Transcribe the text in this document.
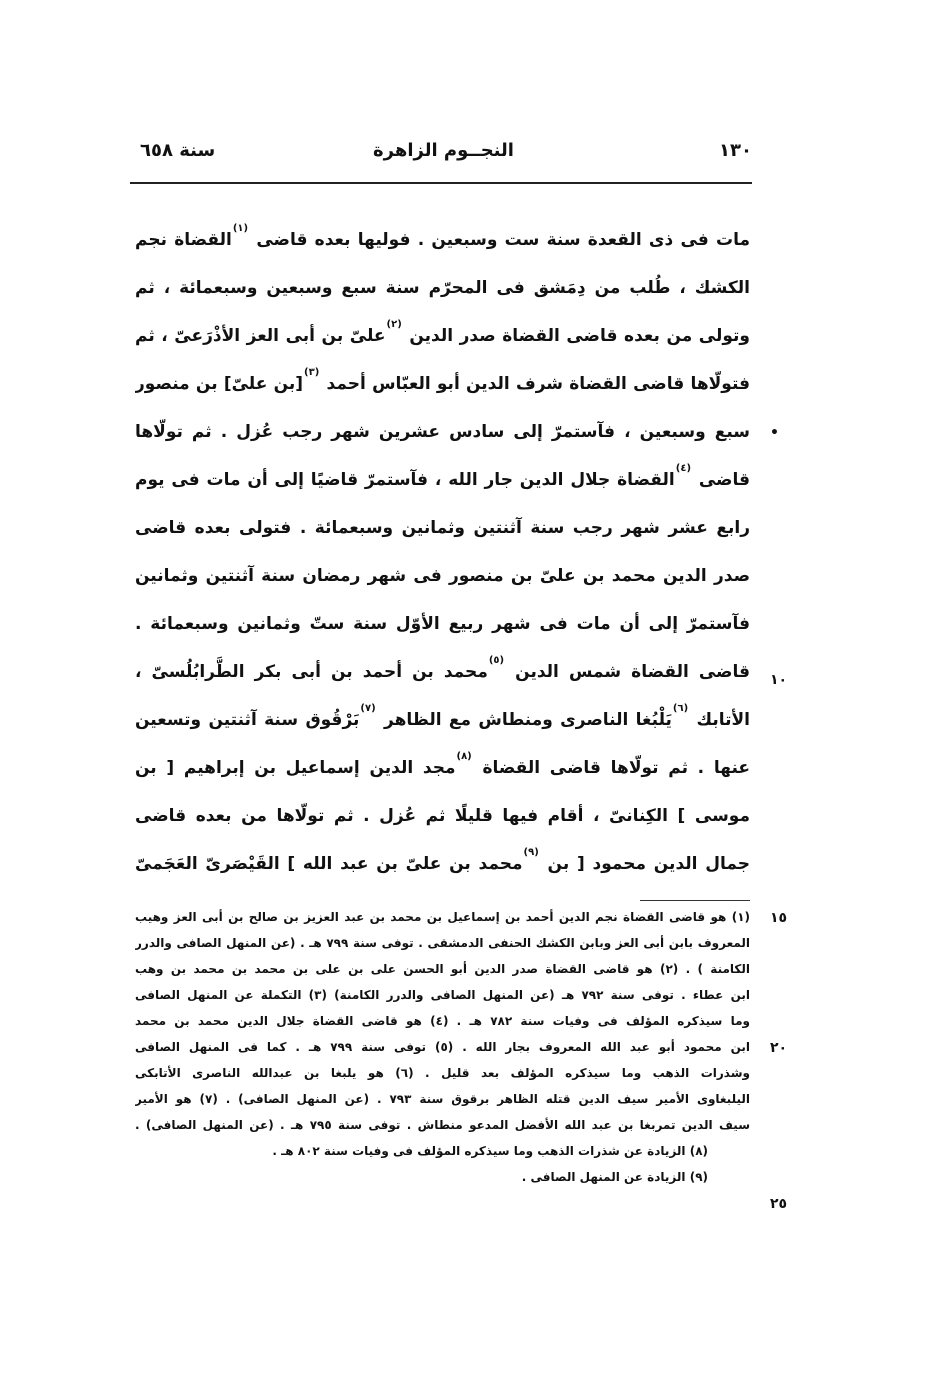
١٣٠
النجــوم الزاهرة
سنة ٦٥٨
مات فى ذى القعدة سنة ست وسبعين . فوليها بعده قاضى $^{(١)}$القضاة نجم
الكشك ، طُلب من دِمَشق فى المحرّم سنة سبع وسبعين وسبعمائة ، ثم
وتولى من بعده قاضى القضاة صدر الدين $^{(٢)}$علىّ بن أبى العز الأذْرَعىّ ، ثم
فتولّاها قاضى القضاة شرف الدين أبو العبّاس أحمد $^{(٣)}$[بن علىّ] بن منصور
سبع وسبعين ، فآستمرّ إلى سادس عشرين شهر رجب عُزل . ثم تولّاها
قاضى $^{(٤)}$القضاة جلال الدين جار الله ، فآستمرّ قاضيًا إلى أن مات فى يوم
رابع عشر شهر رجب سنة آثنتين وثمانين وسبعمائة . فتولى بعده قاضى
صدر الدين محمد بن علىّ بن منصور فى شهر رمضان سنة آثنتين وثمانين
فآستمرّ إلى أن مات فى شهر ربيع الأوّل سنة ستّ وثمانين وسبعمائة .
قاضى القضاة شمس الدين $^{(٥)}$محمد بن أحمد بن أبى بكر الطَّرابُلُسىّ ،
الأتابك $^{(٦)}$يَلْبُغا الناصرى ومنطاش مع الظاهر $^{(٧)}$بَرْقُوق سنة آثنتين وتسعين
عنها . ثم تولّاها قاضى القضاة $^{(٨)}$مجد الدين إسماعيل بن إبراهيم [ بن
موسى ] الكِنانىّ ، أقام فيها قليلًا ثم عُزل . ثم تولّاها من بعده قاضى
جمال الدين محمود [ بن $^{(٩)}$محمد بن علىّ بن عبد الله ] القَيْصَرىّ العَجَمىّ
(١) هو قاضى القضاة نجم الدين أحمد بن إسماعيل بن محمد بن عبد العزيز بن صالح بن أبى العز وهيب
المعروف بابن أبى العز وبابن الكشك الحنفى الدمشقى . توفى سنة ٧٩٩ هـ . (عن المنهل الصافى والدرر
الكامنة ) . (٢) هو قاضى القضاة صدر الدين أبو الحسن على بن على بن محمد بن محمد بن وهب
ابن عطاء . توفى سنة ٧٩٢ هـ (عن المنهل الصافى والدرر الكامنة) (٣) التكملة عن المنهل الصافى
وما سيذكره المؤلف فى وفيات سنة ٧٨٢ هـ . (٤) هو قاضى القضاة جلال الدين محمد بن محمد
ابن محمود أبو عبد الله المعروف بجار الله . (٥) توفى سنة ٧٩٩ هـ . كما فى المنهل الصافى
وشذرات الذهب وما سيذكره المؤلف بعد قليل . (٦) هو يلبغا بن عبدالله الناصرى الأتابكى
اليلبغاوى الأمير سيف الدين قتله الظاهر برقوق سنة ٧٩٣ . (عن المنهل الصافى) . (٧) هو الأمير
سيف الدين تمربغا بن عبد الله الأفضل المدعو منطاش . توفى سنة ٧٩٥ هـ . (عن المنهل الصافى) .
(٨) الزيادة عن شذرات الذهب وما سيذكره المؤلف فى وفيات سنة ٨٠٢ هـ .
(٩) الزيادة عن المنهل الصافى .
•
١٠
١٥
٢٠
٢٥
